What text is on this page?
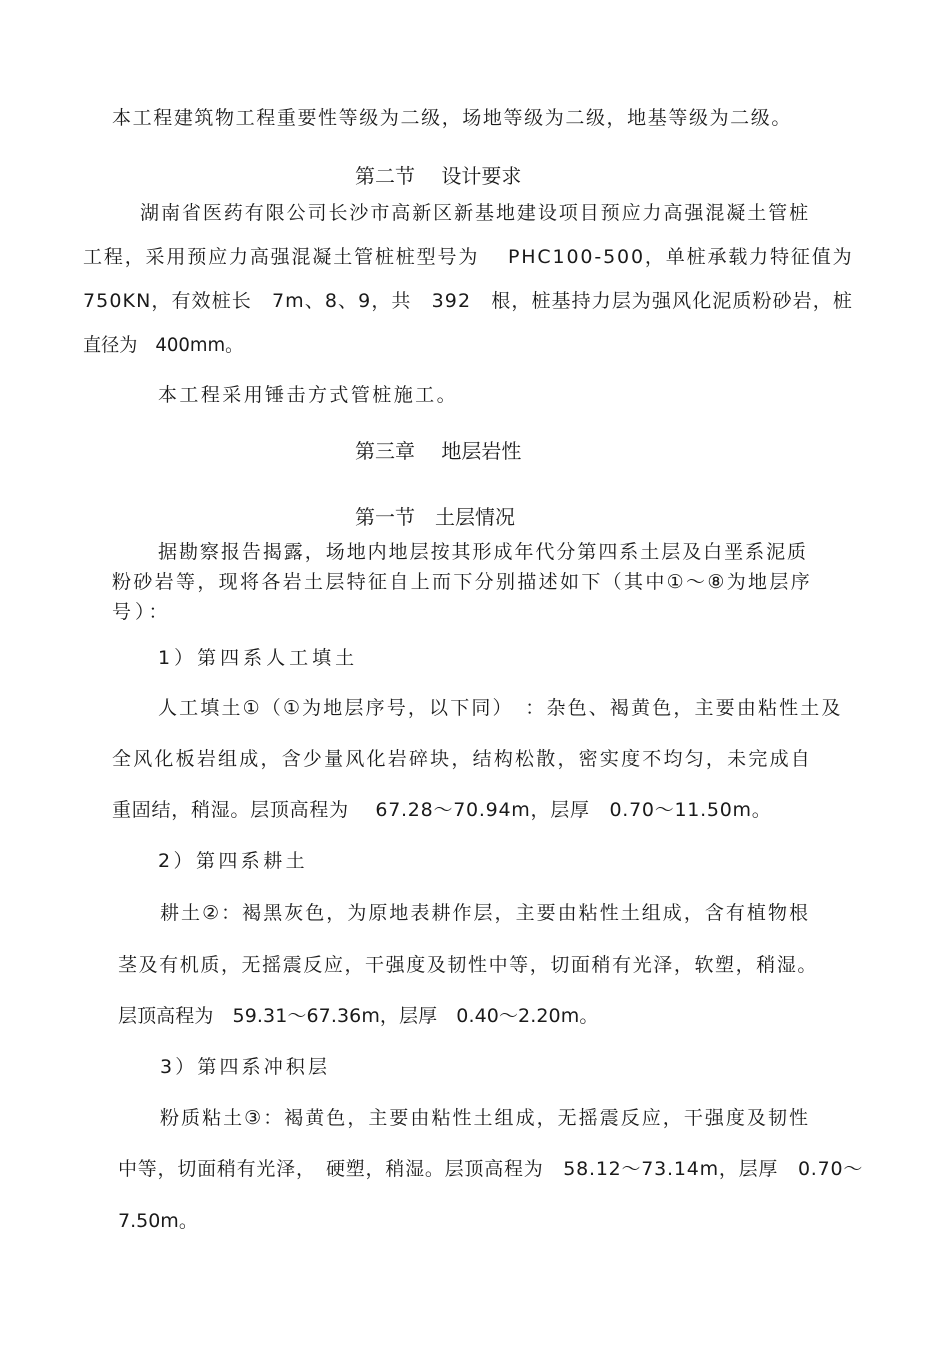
本工程建筑物工程重要性等级为二级，场地等级为二级，地基等级为二级。
第二节　 设计要求
湖南省医药有限公司长沙市高新区新基地建设项目预应力高强混凝土管桩
工程，采用预应力高强混凝土管桩桩型号为　 PHC100-500，单桩承载力特征值为
750KN，有效桩长　7m、8、9，共　392　根，桩基持力层为强风化泥质粉砂岩，桩
直径为　400mm。
本工程采用锤击方式管桩施工。
第三章　 地层岩性
第一节　土层情况
据勘察报告揭露，场地内地层按其形成年代分第四系土层及白垩系泥质
粉砂岩等，现将各岩土层特征自上而下分别描述如下（其中①～⑧为地层序
号）：
1）第四系人工填土
人工填土①（①为地层序号，以下同）　：杂色、褐黄色，主要由粘性土及
全风化板岩组成，含少量风化岩碎块，结构松散，密实度不均匀，未完成自
重固结，稍湿。层顶高程为　 67.28～70.94m，层厚　0.70～11.50m。
2）第四系耕土
耕土②：褐黑灰色，为原地表耕作层，主要由粘性土组成，含有植物根
茎及有机质，无摇震反应，干强度及韧性中等，切面稍有光泽，软塑，稍湿。
层顶高程为　59.31～67.36m，层厚　0.40～2.20m。
3）第四系冲积层
粉质粘土③：褐黄色，主要由粘性土组成，无摇震反应，干强度及韧性
中等，切面稍有光泽，　硬塑，稍湿。层顶高程为　58.12～73.14m，层厚　0.70～
7.50m。
